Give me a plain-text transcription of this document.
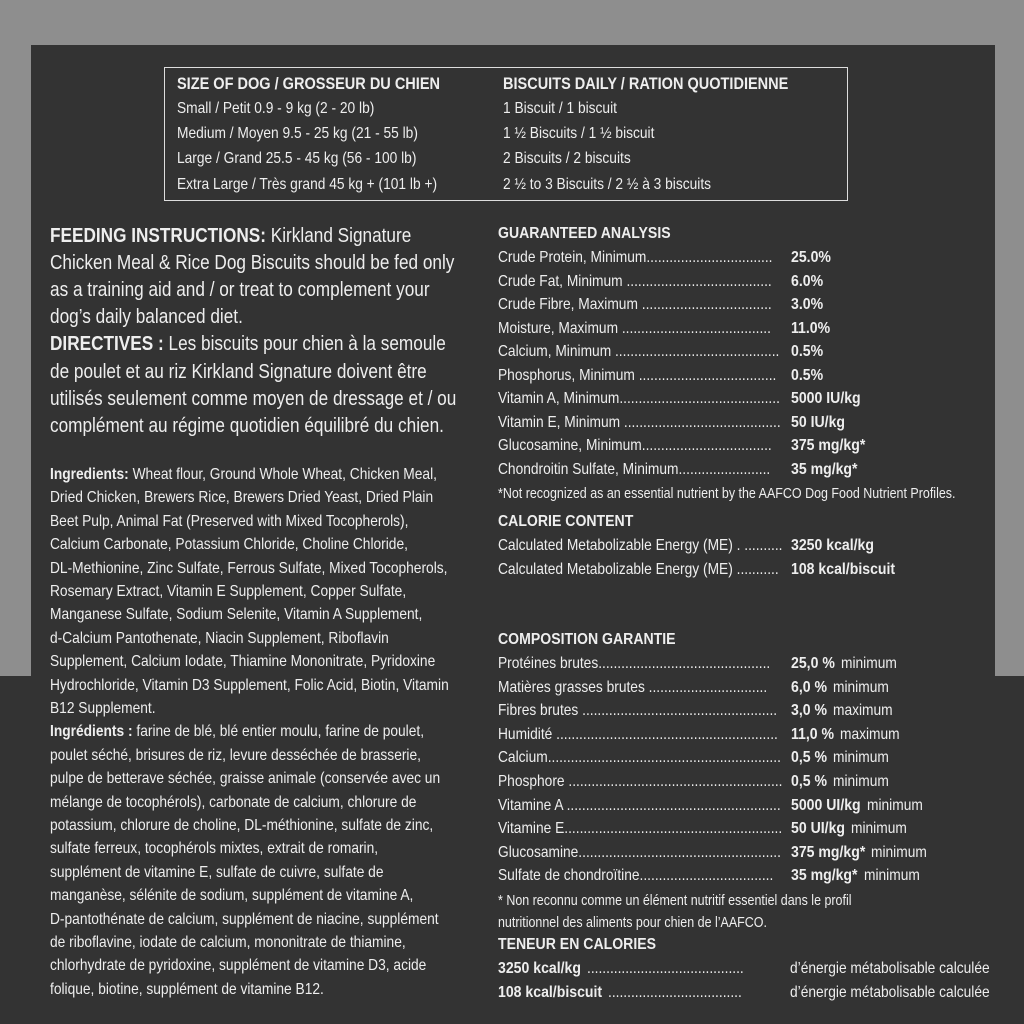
SIZE OF DOG / GROSSEUR DU CHIEN	BISCUITS DAILY / RATION QUOTIDIENNE
Small / Petit 0.9 - 9 kg (2 - 20 lb)	1 Biscuit / 1 biscuit
Medium / Moyen 9.5 - 25 kg (21 - 55 lb)	1 ½ Biscuits / 1 ½ biscuit
Large / Grand 25.5 - 45 kg (56 - 100 lb)	2 Biscuits / 2 biscuits
Extra Large / Très grand 45 kg + (101 lb +)	2 ½ to 3 Biscuits / 2 ½ à 3 biscuits
FEEDING INSTRUCTIONS: Kirkland Signature
Chicken Meal & Rice Dog Biscuits should be fed only
as a training aid and / or treat to complement your
dog’s daily balanced diet.
DIRECTIVES : Les biscuits pour chien à la semoule
de poulet et au riz Kirkland Signature doivent être
utilisés seulement comme moyen de dressage et / ou
complément au régime quotidien équilibré du chien.
Ingredients: Wheat flour, Ground Whole Wheat, Chicken Meal,
Dried Chicken, Brewers Rice, Brewers Dried Yeast, Dried Plain
Beet Pulp, Animal Fat (Preserved with Mixed Tocopherols),
Calcium Carbonate, Potassium Chloride, Choline Chloride,
DL-Methionine, Zinc Sulfate, Ferrous Sulfate, Mixed Tocopherols,
Rosemary Extract, Vitamin E Supplement, Copper Sulfate,
Manganese Sulfate, Sodium Selenite, Vitamin A Supplement,
d-Calcium Pantothenate, Niacin Supplement, Riboflavin
Supplement, Calcium Iodate, Thiamine Mononitrate, Pyridoxine
Hydrochloride, Vitamin D3 Supplement, Folic Acid, Biotin, Vitamin
B12 Supplement.
Ingrédients : farine de blé, blé entier moulu, farine de poulet,
poulet séché, brisures de riz, levure desséchée de brasserie,
pulpe de betterave séchée, graisse animale (conservée avec un
mélange de tocophérols), carbonate de calcium, chlorure de
potassium, chlorure de choline, DL-méthionine, sulfate de zinc,
sulfate ferreux, tocophérols mixtes, extrait de romarin,
supplément de vitamine E, sulfate de cuivre, sulfate de
manganèse, sélénite de sodium, supplément de vitamine A,
D-pantothénate de calcium, supplément de niacine, supplément
de riboflavine, iodate de calcium, mononitrate de thiamine,
chlorhydrate de pyridoxine, supplément de vitamine D3, acide
folique, biotine, supplément de vitamine B12.
GUARANTEED ANALYSIS
Crude Protein, Minimum.................................	25.0%
Crude Fat, Minimum ......................................	6.0%
Crude Fibre, Maximum ..................................	3.0%
Moisture, Maximum .......................................	11.0%
Calcium, Minimum ........................................... 0.5%
Phosphorus, Minimum .................................... 0.5%
Vitamin A, Minimum.......................................... 5000 IU/kg
Vitamin E, Minimum ......................................... 50 IU/kg
Glucosamine, Minimum..................................	375 mg/kg*
Chondroitin Sulfate, Minimum........................	35 mg/kg*
*Not recognized as an essential nutrient by the AAFCO Dog Food Nutrient Profiles.
CALORIE CONTENT
Calculated Metabolizable Energy (ME) . .......... 3250 kcal/kg
Calculated Metabolizable Energy (ME) ........... 108 kcal/biscuit
COMPOSITION GARANTIE
Protéines brutes.............................................	25,0 % minimum
Matières grasses brutes ...............................	6,0 % minimum
Fibres brutes ................................................... 3,0 % maximum
Humidité .......................................................... 11,0 % maximum
Calcium............................................................. 0,5 % minimum
Phosphore ........................................................ 0,5 % minimum
Vitamine A ........................................................ 5000 UI/kg minimum
Vitamine E......................................................... 50 UI/kg minimum
Glucosamine..................................................... 375 mg/kg* minimum
Sulfate de chondroïtine...................................	35 mg/kg* minimum
* Non reconnu comme un élément nutritif essentiel dans le profil
nutritionnel des aliments pour chien de l’AAFCO.
TENEUR EN CALORIES
3250 kcal/kg .........................................	d’énergie métabolisable calculée
108 kcal/biscuit ...................................	d’énergie métabolisable calculée
